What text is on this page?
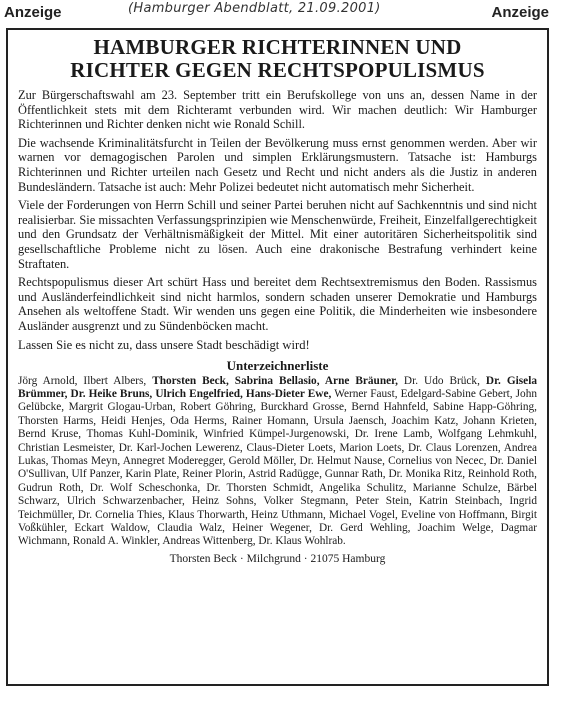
Anzeige	(Hamburger Abendblatt, 21.09.2001)	Anzeige
HAMBURGER RICHTERINNEN UND
RICHTER GEGEN RECHTSPOPULISMUS

Zur Bürgerschaftswahl am 23. September tritt ein Berufskollege von uns an, dessen Name in der Öffentlichkeit stets mit dem Richteramt verbunden wird. Wir machen deutlich: Wir Hamburger Richterinnen und Richter denken nicht wie Ronald Schill.

Die wachsende Kriminalitätsfurcht in Teilen der Bevölkerung muss ernst genommen werden. Aber wir warnen vor demagogischen Parolen und simplen Erklärungsmustern. Tatsache ist: Hamburgs Richterinnen und Richter urteilen nach Gesetz und Recht und nicht anders als die Justiz in anderen Bundesländern. Tatsache ist auch: Mehr Polizei bedeutet nicht automatisch mehr Sicherheit.

Viele der Forderungen von Herrn Schill und seiner Partei beruhen nicht auf Sachkenntnis und sind nicht realisierbar. Sie missachten Verfassungsprinzipien wie Menschenwürde, Freiheit, Einzelfallgerechtigkeit und den Grundsatz der Verhältnismäßigkeit der Mittel. Mit einer autoritären Sicherheitspolitik sind gesellschaftliche Probleme nicht zu lösen. Auch eine drakonische Bestrafung verhindert keine Straftaten.

Rechtspopulismus dieser Art schürt Hass und bereitet dem Rechtsextremismus den Boden. Rassismus und Ausländerfeindlichkeit sind nicht harmlos, sondern schaden unserer Demokratie und Hamburgs Ansehen als weltoffene Stadt. Wir wenden uns gegen eine Politik, die Minderheiten wie insbesondere Ausländer ausgrenzt und zu Sündenböcken macht.

Lassen Sie es nicht zu, dass unsere Stadt beschädigt wird!

Unterzeichnerliste

Jörg Arnold, Ilbert Albers, Thorsten Beck, Sabrina Bellasio, Arne Bräuner, Dr. Udo Brück, Dr. Gisela Brümmer, Dr. Heike Bruns, Ulrich Engelfried, Hans-Dieter Ewe, Werner Faust, Edelgard-Sabine Gebert, John Gelübcke, Margrit Glogau-Urban, Robert Göhring, Burckhard Grosse, Bernd Hahnfeld, Sabine Happ-Göhring, Thorsten Harms, Heidi Henjes, Oda Herms, Rainer Homann, Ursula Jaensch, Joachim Katz, Johann Krieten, Bernd Kruse, Thomas Kuhl-Dominik, Winfried Kümpel-Jurgenowski, Dr. Irene Lamb, Wolfgang Lehmkuhl, Christian Lesmeister, Dr. Karl-Jochen Lewerenz, Claus-Dieter Loets, Marion Loets, Dr. Claus Lorenzen, Andrea Lukas, Thomas Meyn, Annegret Moderegger, Gerold Möller, Dr. Helmut Nause, Cornelius von Necec, Dr. Daniel O'Sullivan, Ulf Panzer, Karin Plate, Reiner Plorin, Astrid Radügge, Gunnar Rath, Dr. Monika Ritz, Reinhold Roth, Gudrun Roth, Dr. Wolf Scheschonka, Dr. Thorsten Schmidt, Angelika Schulitz, Marianne Schulze, Bärbel Schwarz, Ulrich Schwarzenbacher, Heinz Sohns, Volker Stegmann, Peter Stein, Katrin Steinbach, Ingrid Teichmüller, Dr. Cornelia Thies, Klaus Thorwarth, Heinz Uthmann, Michael Vogel, Eveline von Hoffmann, Birgit Voßkühler, Eckart Waldow, Claudia Walz, Heiner Wegener, Dr. Gerd Wehling, Joachim Welge, Dagmar Wichmann, Ronald A. Winkler, Andreas Wittenberg, Dr. Klaus Wohlrab.

Thorsten Beck · Milchgrund · 21075 Hamburg
